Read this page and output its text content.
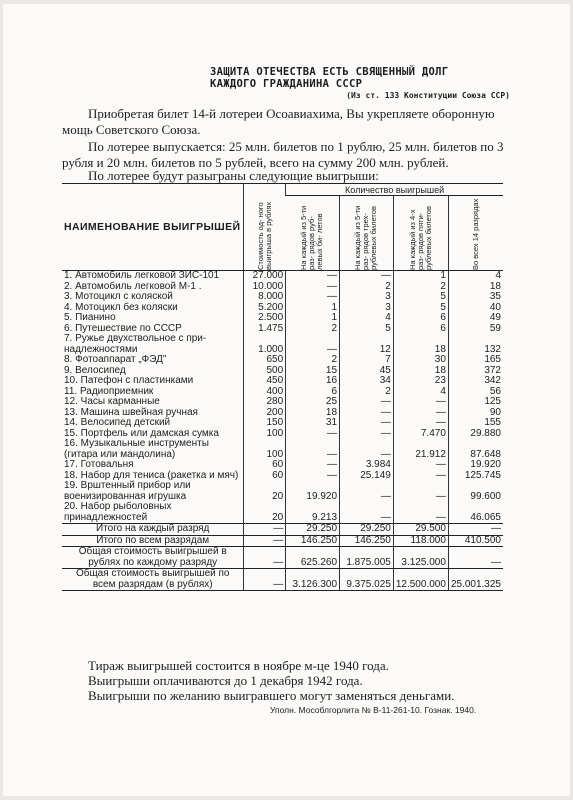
ЗАЩИТА ОТЕЧЕСТВА ЕСТЬ СВЯЩЕННЫЙ ДОЛГ
КАЖДОГО ГРАЖДАНИНА СССР
(Из ст. 133 Конституции Союза ССР)
Приобретая билет 14-й лотереи Осоавиахима, Вы укрепляете оборонную мощь Советского Союза.
По лотерее выпускается: 25 млн. билетов по 1 рублю, 25 млн. билетов по 3 рубля и 20 млн. билетов по 5 рублей, всего на сумму 200 млн. рублей.
По лотерее будут разыграны следующие выигрыши:
НАИМЕНОВАНИЕ ВЫИГРЫШЕЙ	Стоимость од- ного выигрыша в рублях	Количество выигрышей			

		На каждый из 5-ти раз- рядов руб- левых би- летов	На каждый из 5-ти раз- рядов трех- рублевых билетов	На каждый из 4-х раз- рядов пяти- рублевых билетов	Во всех 14 разрядах

1. Автомобиль легковой ЗИС-101	27.000	—	—	1	4
2. Автомобиль легковой М-1 .	10.000	—	2	2	18
3. Мотоцикл с коляской	8.000	—	3	5	35
4. Мотоцикл без коляски	5.200	1	3	5	40
5. Пианино	2.500	1	4	6	49
6. Путешествие по СССР	1.475	2	5	6	59
7. Ружье двухствольное с при- надлежностями	1.000	—	12	18	132
8. Фотоаппарат „ФЭД"	650	2	7	30	165
9. Велосипед	500	15	45	18	372
10. Патефон с пластинками	450	16	34	23	342
11. Радиоприемник	400	6	2	4	56
12. Часы карманные	280	25	—	—	125
13. Машина швейная ручная	200	18	—	—	90
14. Велосипед детский	150	31	—	—	155
15. Портфель или дамская сумка	100	—	—	7.470	29.880
16. Музыкальные инструменты (гитара или мандолина)	100	—	—	21.912	87.648
17. Готовальня	60	—	3.984	—	19.920
18. Набор для тениса (ракетка и мяч)	60	—	25.149	—	125.745
19. Врштенный прибор или военизированная игрушка	20	19.920	—	—	99.600
20. Набор рыболовных принадлежностей	20	9.213	—	—	46.065
Итого на каждый разряд	—	29.250	29.250	29.500	—
Итого по всем разрядам	—	146.250	146.250	118.000	410.500
Общая стоимость выигрышей в рублях по каждому разряду	—	625.260	1.875.005	3.125.000	—
Общая стоимость выигрышей по всем разрядам (в рублях)	—	3.126.300	9.375.025	12.500.000	25.001.325
Тираж выигрышей состоится в ноябре м-це 1940 года.
Выигрыши оплачиваются до 1 декабря 1942 года.
Выигрыши по желанию выигравшего могут заменяться деньгами.
Уполн. Мособлгорлита № В-11-261-10. Гознак. 1940.
